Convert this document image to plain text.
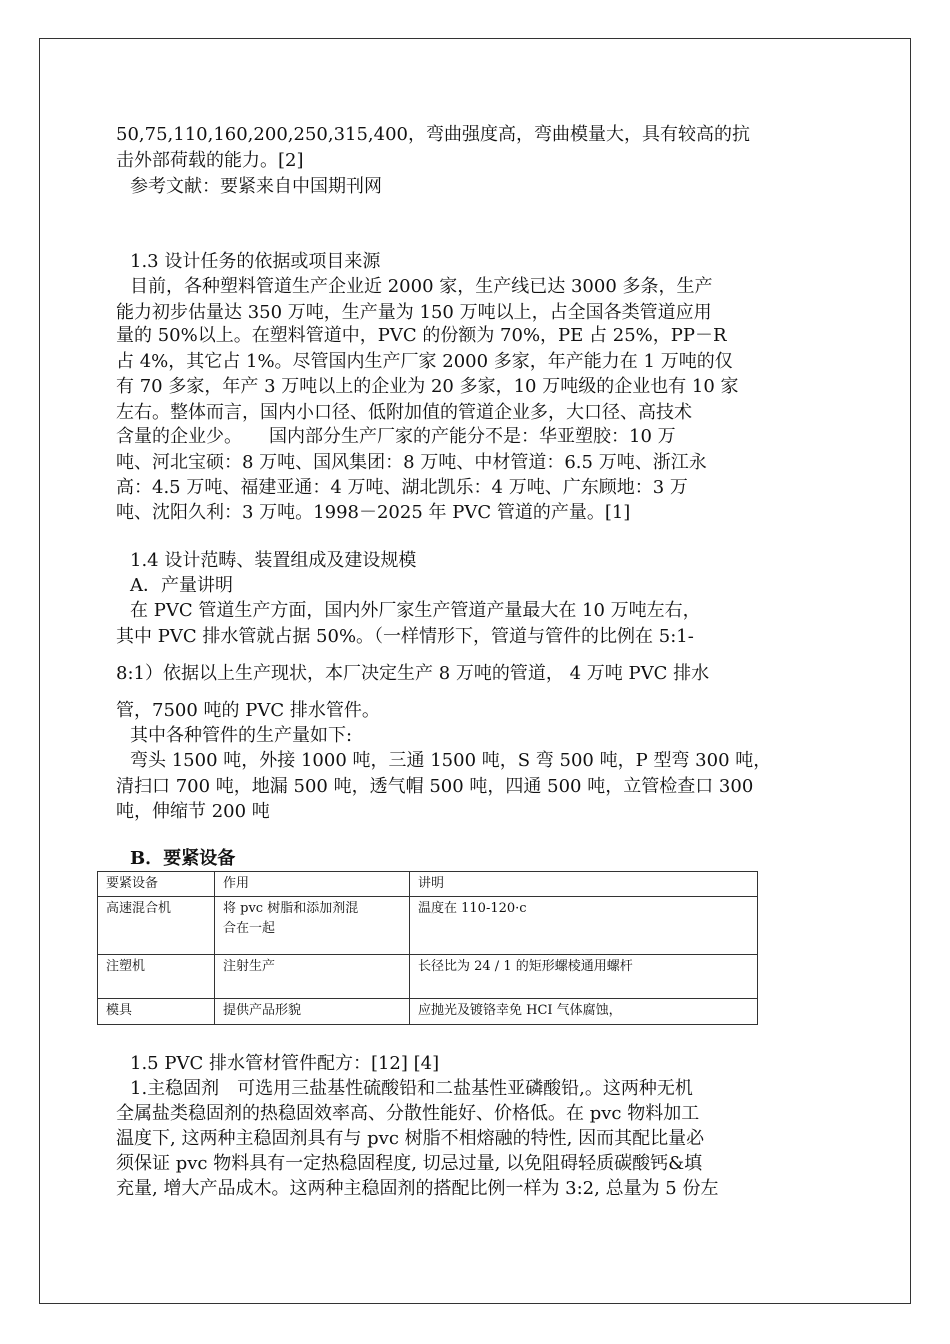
50,75,110,160,200,250,315,400，弯曲强度高，弯曲模量大，具有较高的抗
击外部荷载的能力。[2]
参考文献：要紧来自中国期刊网
1.3 设计任务的依据或项目来源
目前，各种塑料管道生产企业近 2000 家，生产线已达 3000 多条，生产
能力初步估量达 350 万吨，生产量为 150 万吨以上，占全国各类管道应用
量的 50%以上。在塑料管道中，PVC 的份额为 70%，PE 占 25%，PP－R
占 4%，其它占 1%。尽管国内生产厂家 2000 多家，年产能力在 1 万吨的仅
有 70 多家，年产 3 万吨以上的企业为 20 多家，10 万吨级的企业也有 10 家
左右。整体而言，国内小口径、低附加值的管道企业多，大口径、高技术
含量的企业少。　　国内部分生产厂家的产能分不是：华亚塑胶：10 万
吨、河北宝硕：8 万吨、国风集团：8 万吨、中材管道：6.5 万吨、浙江永
高：4.5 万吨、福建亚通：4 万吨、湖北凯乐：4 万吨、广东顾地：3 万
吨、沈阳久利：3 万吨。1998－2025 年 PVC 管道的产量。[1]
1.4 设计范畴、装置组成及建设规模
A．产量讲明
在 PVC 管道生产方面，国内外厂家生产管道产量最大在 10 万吨左右，
其中 PVC 排水管就占据 50%。（一样情形下，管道与管件的比例在 5:1-
8:1）依据以上生产现状，本厂决定生产 8 万吨的管道， 4 万吨 PVC 排水
管，7500 吨的 PVC 排水管件。
其中各种管件的生产量如下:
弯头 1500 吨，外接 1000 吨，三通 1500 吨，S 弯 500 吨，P 型弯 300 吨，
清扫口 700 吨，地漏 500 吨，透气帽 500 吨，四通 500 吨，立管检查口 300
吨，伸缩节 200 吨
B．要紧设备
要紧设备	作用	讲明
高速混合机	将 pvc 树脂和添加剂混
合在一起	温度在 110-120·c
注塑机	注射生产	长径比为 24 / 1 的矩形螺棱通用螺杆
模具	提供产品形貌	应抛光及镀铬幸免 HCI 气体腐蚀，
1.5 PVC 排水管材管件配方：[12] [4]
1.主稳固剂　可选用三盐基性硫酸铅和二盐基性亚磷酸铅,。这两种无机
全属盐类稳固剂的热稳固效率高、分散性能好、价格低。在 pvc 物料加工
温度下, 这两种主稳固剂具有与 pvc 树脂不相熔融的特性, 因而其配比量必
须保证 pvc 物料具有一定热稳固程度, 切忌过量, 以免阻碍轻质碳酸钙&填
充量, 增大产品成木。这两种主稳固剂的搭配比例一样为 3:2, 总量为 5 份左
